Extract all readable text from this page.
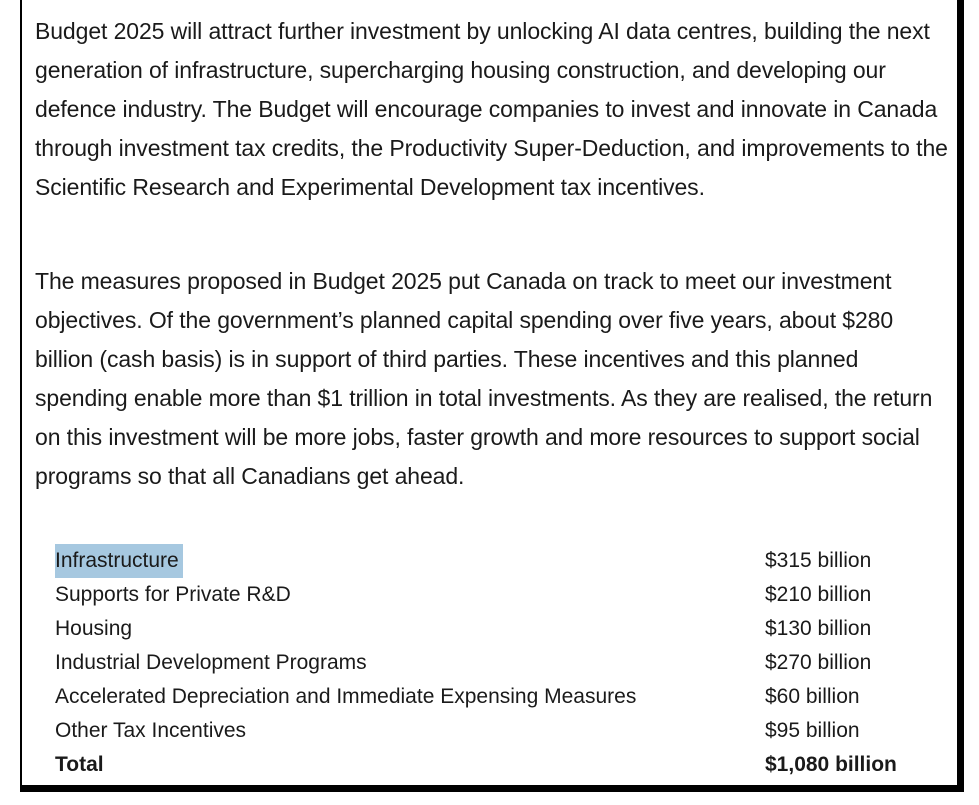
Budget 2025 will attract further investment by unlocking AI data centres, building the next generation of infrastructure, supercharging housing construction, and developing our defence industry. The Budget will encourage companies to invest and innovate in Canada through investment tax credits, the Productivity Super-Deduction, and improvements to the Scientific Research and Experimental Development tax incentives.

The measures proposed in Budget 2025 put Canada on track to meet our investment objectives. Of the government’s planned capital spending over five years, about $280 billion (cash basis) is in support of third parties. These incentives and this planned spending enable more than $1 trillion in total investments. As they are realised, the return on this investment will be more jobs, faster growth and more resources to support social programs so that all Canadians get ahead.

Infrastructure	$315 billion
Supports for Private R&D	$210 billion
Housing	$130 billion
Industrial Development Programs	$270 billion
Accelerated Depreciation and Immediate Expensing Measures	$60 billion
Other Tax Incentives	$95 billion
Total	$1,080 billion
